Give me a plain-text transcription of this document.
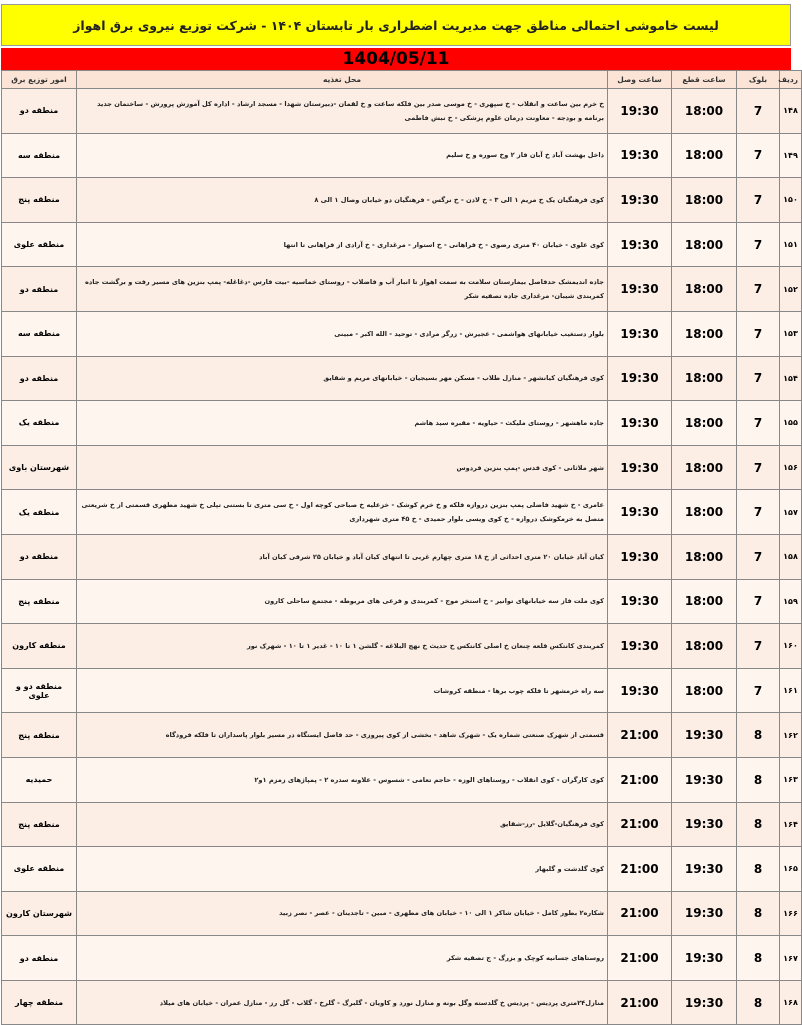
لیست خاموشی احتمالی مناطق جهت مدیریت اضطراری بار تابستان ۱۴۰۴ - شرکت توزیع نیروی برق اهواز
1404/05/11
ردیف	بلوک	ساعت قطع	ساعت وصل	محل تغذیه	امور توزیع برق
۱۴۸	7	18:00	19:30	خ خرم بین ساعت و انقلاب - خ سپهری - خ موسی صدر بین فلکه ساعت و خ لقمان -دبیرستان شهدا - مسجد ارشاد - اداره کل آموزش پرورش - ساختمان جدید برنامه و بودجه - معاونت درمان علوم پزشکی - خ نبش فاطمی	منطقه دو
۱۴۹	7	18:00	19:30	داخل بهشت آباد خ آبان فاز ۲ وخ سوره و خ سلیم	منطقه سه
۱۵۰	7	18:00	19:30	کوی فرهنگیان یک خ مریم ۱ الی ۳ - خ لادن - خ نرگس - فرهنگیان دو خیابان وصال ۱ الی ۸	منطقه پنج
۱۵۱	7	18:00	19:30	کوی علوی - خیابان ۴۰ متری رضوی - خ فراهانی - خ استوار - مرغداری - خ آزادی از فراهانی تا انتها	منطقه علوی
۱۵۲	7	18:00	19:30	جاده اندیمشک حدفاصل بیمارستان سلامت به سمت اهواز تا انبار آب و فاضلاب - روستای خماسیه -بیت فارس -دغاغله- پمپ بنزین های مسیر رفت و برگشت جاده کمربندی شیبان- مرغداری جاده تصفیه شکر	منطقه دو
۱۵۳	7	18:00	19:30	بلوار دستغیب خیابانهای هواشمی - عجیرش - زرگر مرادی - توحید - الله اکبر - مبینی	منطقه سه
۱۵۴	7	18:00	19:30	کوی فرهنگیان کیانشهر - منازل طلاب - مسکن مهر بسیجیان - خیابانهای مریم و شقایق	منطقه دو
۱۵۵	7	18:00	19:30	جاده ماهشهر - روستای ملیکث - حیاویه - مقبره سید هاشم	منطقه یک
۱۵۶	7	18:00	19:30	شهر ملاثانی - کوی قدس -پمپ بنزین فردوس	شهرستان باوی
۱۵۷	7	18:00	19:30	عامری - خ شهید فاضلی پمپ بنزین دروازه فلکه و خ خرم کوشک - خزعلیه خ صباحی کوچه اول - خ سی متری تا بستنی تپلی خ شهید مطهری قسمتی از خ شریعتی متصل به خرمکوشک دروازه - خ کوی ویسی بلوار حمیدی - خ ۴۵ متری شهرداری	منطقه یک
۱۵۸	7	18:00	19:30	کیان آباد خیابان ۲۰ متری احداثی از خ ۱۸ متری چهارم غربی تا انتهای کیان آباد و خیابان ۲۵ شرقی کیان آباد	منطقه دو
۱۵۹	7	18:00	19:30	کوی ملت فاز سه خیابانهای توانیر - خ استخر موج - کمربندی و فرعی های مربوطه - مجتمع ساحلی کارون	منطقه پنج
۱۶۰	7	18:00	19:30	کمربندی کانتکس قلعه چنعان خ اصلی کانتکس خ حدیث خ نهج البلاغه - گلشن ۱ تا ۱۰ - غدیر ۱ تا ۱۰ - شهرک نور	منطقه کارون
۱۶۱	7	18:00	19:30	سه راه خرمشهر تا فلکه چوب برها - منطقه کروشات	منطقه دو و علوی
۱۶۲	8	19:30	21:00	قسمتی از شهرک صنعتی شماره یک - شهرک شاهد - بخشی از کوی پیروزی - حد فاصل ایستگاه در مسیر بلوار پاسداران تا فلکه فرودگاه	منطقه پنج
۱۶۳	8	19:30	21:00	کوی کارگران - کوی انقلاب - روستاهای الوزه - حاجم تعامی - شسوس - علاونه سدره ۲ - پمپاژهای زمزم ۱و۲	حمیدیه
۱۶۴	8	19:30	21:00	کوی فرهنگیان-گلایل -رز-شقایق	منطقه پنج
۱۶۵	8	19:30	21:00	کوی گلدشت و گلبهار	منطقه علوی
۱۶۶	8	19:30	21:00	شکاره۲ بطور کامل - خیابان شاکر ۱ الی ۱۰ - خیابان های مطهری - مبین - تاجدینان - عصر - نصر زبید	شهرستان کارون
۱۶۷	8	19:30	21:00	روستاهای جسانیه کوچک و بزرگ - ج تصفیه شکر	منطقه دو
۱۶۸	8	19:30	21:00	منازل۲۴متری پردیس - پردیس خ گلدسته وگل بونه و منازل نورد و کاویان - گلبرگ - گلرخ - گلاب - گل رز - منازل عمران - خیابان های میلاد	منطقه چهار
